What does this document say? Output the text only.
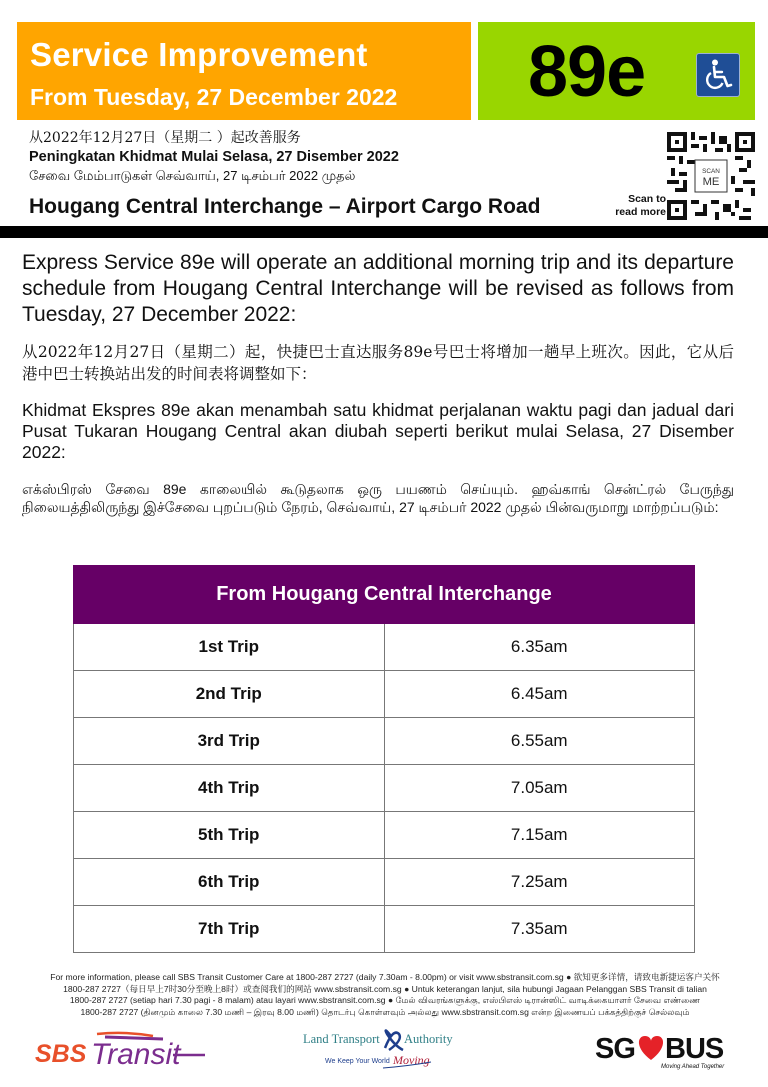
Service Improvement
From Tuesday, 27 December 2022 89e
从2022年12月27日（星期二 ）起改善服务
Peningkatan Khidmat Mulai Selasa, 27 Disember 2022
சேவை மேம்பாடுகள் செவ்வாய், 27 டிசம்பர் 2022 முதல்
Hougang Central Interchange – Airport Cargo Road	Scan to
read more
SCAN
ME
Express Service 89e will operate an additional morning trip and its departure schedule from Hougang Central Interchange will be revised as follows from Tuesday, 27 December 2022:
从2022年12月27日（星期二）起，快捷巴士直达服务89e号巴士将增加一趟早上班次。因此，它从后港中巴士转换站出发的时间表将调整如下：
Khidmat Ekspres 89e akan menambah satu khidmat perjalanan waktu pagi dan jadual dari Pusat Tukaran Hougang Central akan diubah seperti berikut mulai Selasa, 27 Disember 2022:
எக்ஸ்பிரஸ் சேவை 89e காலையில் கூடுதலாக ஒரு பயணம் செய்யும். ஹவ்காங் சென்ட்ரல் பேருந்து நிலையத்திலிருந்து இச்சேவை புறப்படும் நேரம், செவ்வாய், 27 டிசம்பர் 2022 முதல் பின்வருமாறு மாற்றப்படும்:
From Hougang Central Interchange	
1st Trip	6.35am
2nd Trip	6.45am
3rd Trip	6.55am
4th Trip	7.05am
5th Trip	7.15am
6th Trip	7.25am
7th Trip	7.35am
For more information, please call SBS Transit Customer Care at 1800-287 2727 (daily 7.30am - 8.00pm) or visit www.sbstransit.com.sg ● 欲知更多详情，请致电新捷运客户关怀
1800-287 2727（每日早上7时30分至晚上8时）或查阅我们的网站 www.sbstransit.com.sg ● Untuk keterangan lanjut, sila hubungi Jagaan Pelanggan SBS Transit di talian
1800-287 2727 (setiap hari 7.30 pagi - 8 malam) atau layari www.sbstransit.com.sg ● மேல் விவரங்களுக்கு, எஸ்பிஎஸ் டிரான்ஸிட் வாடிக்கையாளர் சேவை எண்ணை
1800-287 2727 (தினமும் காலை 7.30 மணி – இரவு 8.00 மணி) தொடர்பு கொள்ளவும் அல்லது www.sbstransit.com.sg என்ற இணையப் பக்கத்திற்குச் செல்லவும்
SBS Transit	Land Transport Authority
We Keep Your World Moving	SG BUS
Moving Ahead Together
